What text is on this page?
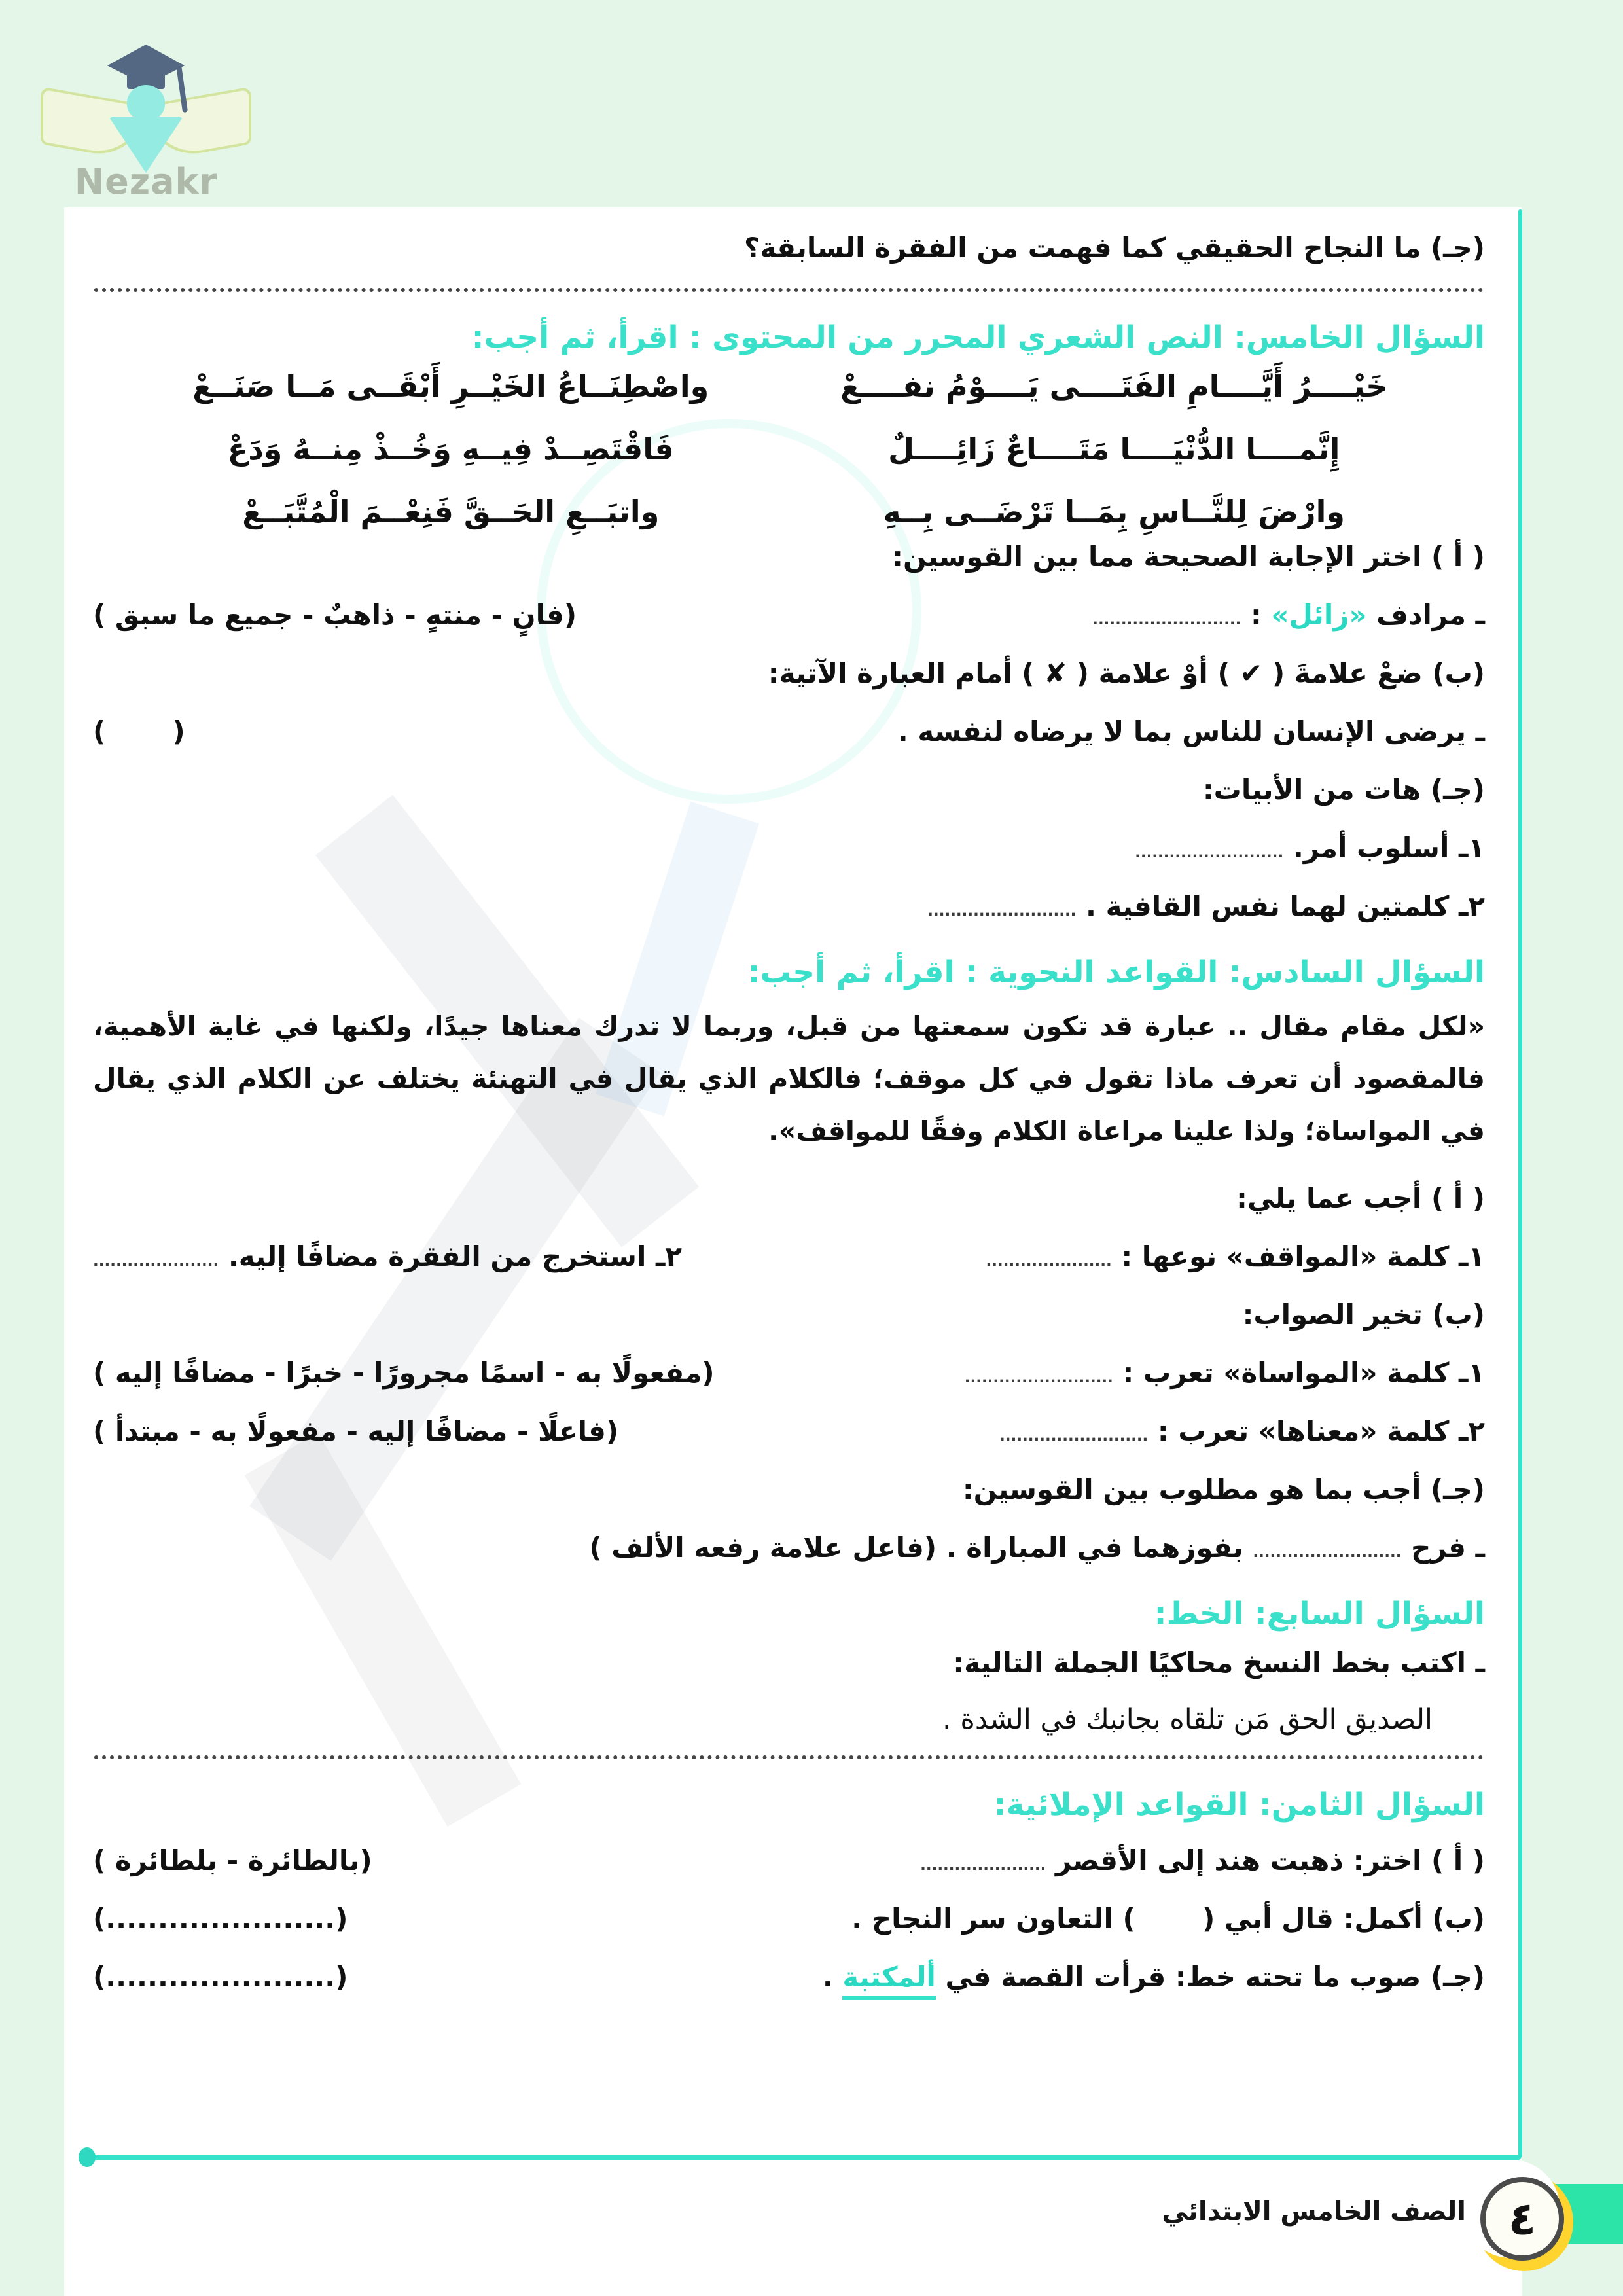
Nezakr
(جـ) ما النجاح الحقيقي كما فهمت من الفقرة السابقة؟
السؤال الخامس: النص الشعري المحرر من المحتوى : اقرأ، ثم أجب:
خَيْــــرُ أَيَّــــامِ الفَتَــــى يَــــوْمُ نفــــعْ
واصْطِنَــاعُ الخَيْــرِ أَبْقَــى مَــا صَنَــعْ
إِنَّمــــا الدُّنْيَــــا مَتَــــاعٌ زَائِــــلٌ
فَاقْتَصِــدْ فِيــهِ وَخُــذْ مِنــهُ وَدَعْ
وارْضَ لِلنَّــاسِ بِمَــا تَرْضَــى بِــهِ
واتبَــعِ الحَــقَّ فَنِعْــمَ الْمُتَّبَــعْ
( أ ) اختر الإجابة الصحيحة مما بين القوسين:
ـ مرادف «زائل» : ..........................
(فانٍ - منتهٍ - ذاهبٌ - جميع ما سبق )
(ب) ضعْ علامةَ ( ✔ ) أوْ علامة ( ✘ ) أمام العبارة الآتية:
ـ يرضى الإنسان للناس بما لا يرضاه لنفسه .
(       )
(جـ) هات من الأبيات:
١ـ أسلوب أمر. ..........................
٢ـ كلمتين لهما نفس القافية . ..........................
السؤال السادس: القواعد النحوية : اقرأ، ثم أجب:
«لكل مقام مقال .. عبارة قد تكون سمعتها من قبل، وربما لا تدرك معناها جيدًا، ولكنها في غاية الأهمية، فالمقصود أن تعرف ماذا تقول في كل موقف؛ فالكلام الذي يقال في التهنئة يختلف عن الكلام الذي يقال في المواساة؛ ولذا علينا مراعاة الكلام وفقًا للمواقف».
( أ ) أجب عما يلي:
١ـ كلمة «المواقف» نوعها : ......................
٢ـ استخرج من الفقرة مضافًا إليه. ......................
(ب) تخير الصواب:
١ـ كلمة «المواساة» تعرب : ..........................
(مفعولًا به - اسمًا مجرورًا - خبرًا - مضافًا إليه )
٢ـ كلمة «معناها» تعرب : ..........................
(فاعلًا - مضافًا إليه - مفعولًا به - مبتدأ )
(جـ) أجب بما هو مطلوب بين القوسين:
ـ فرح .......................... بفوزهما في المباراة . (فاعل علامة رفعه الألف )
السؤال السابع: الخط:
ـ اكتب بخط النسخ محاكيًا الجملة التالية:
الصديق الحق مَن تلقاه بجانبك في الشدة .
السؤال الثامن: القواعد الإملائية:
( أ ) اختر: ذهبت هند إلى الأقصر ......................
(بالطائرة - بلطائرة )
(ب) أكمل: قال أبي (       ) التعاون سر النجاح .
(......................)
(جـ) صوب ما تحته خط: قرأت القصة في ألمكتبة .
(......................)
٤
الصف الخامس الابتدائي
